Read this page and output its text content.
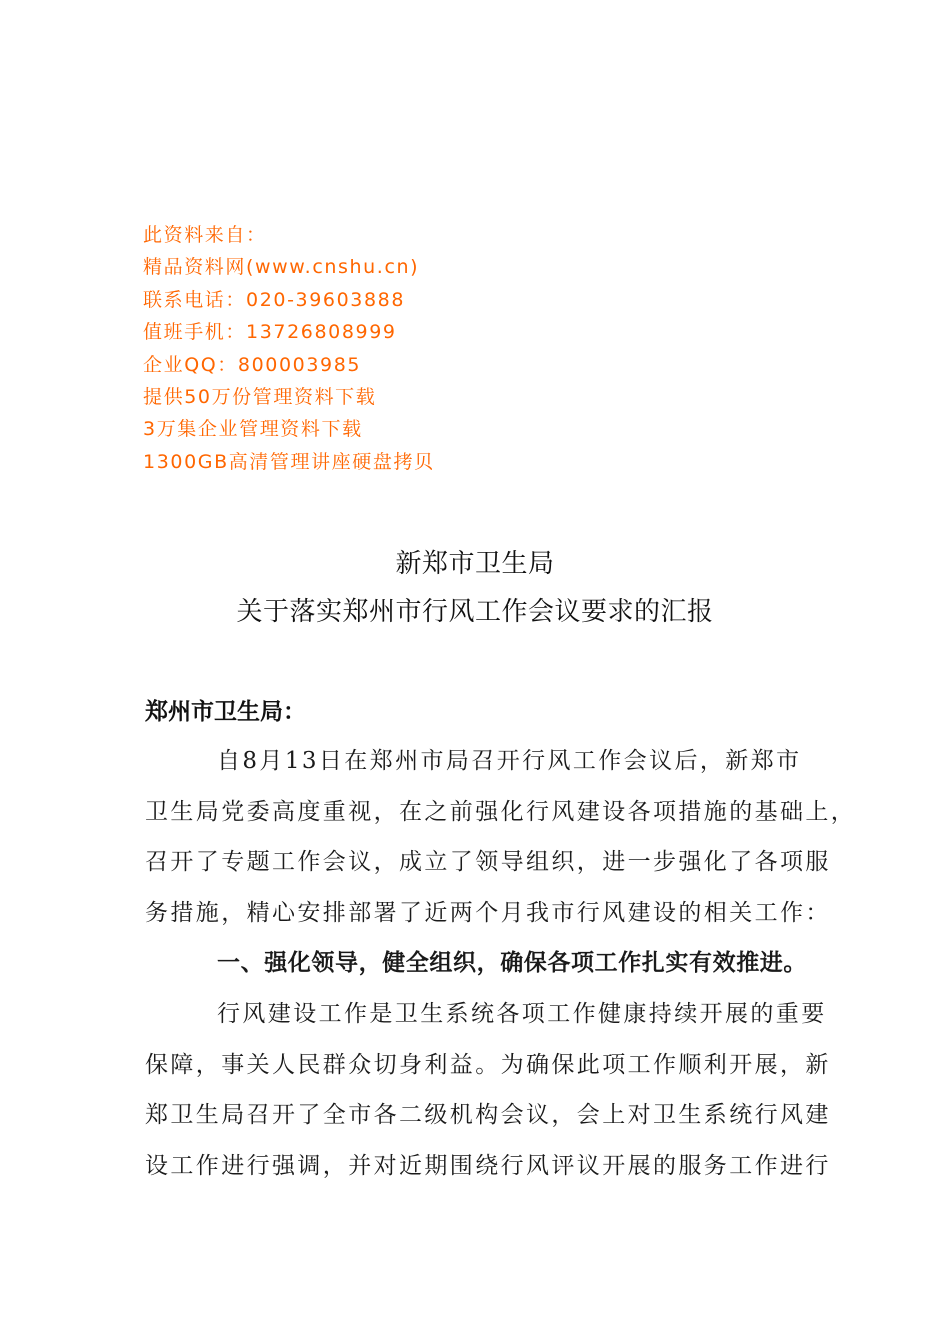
此资料来自：
精品资料网(www.cnshu.cn)
联系电话：020-39603888
值班手机：13726808999
企业QQ：800003985
提供50万份管理资料下载
3万集企业管理资料下载
1300GB高清管理讲座硬盘拷贝
新郑市卫生局
关于落实郑州市行风工作会议要求的汇报
郑州市卫生局：
自8月13日在郑州市局召开行风工作会议后，新郑市
卫生局党委高度重视，在之前强化行风建设各项措施的基础上，
召开了专题工作会议，成立了领导组织，进一步强化了各项服
务措施，精心安排部署了近两个月我市行风建设的相关工作：
一、强化领导，健全组织，确保各项工作扎实有效推进。
行风建设工作是卫生系统各项工作健康持续开展的重要
保障，事关人民群众切身利益。为确保此项工作顺利开展，新
郑卫生局召开了全市各二级机构会议，会上对卫生系统行风建
设工作进行强调，并对近期围绕行风评议开展的服务工作进行
